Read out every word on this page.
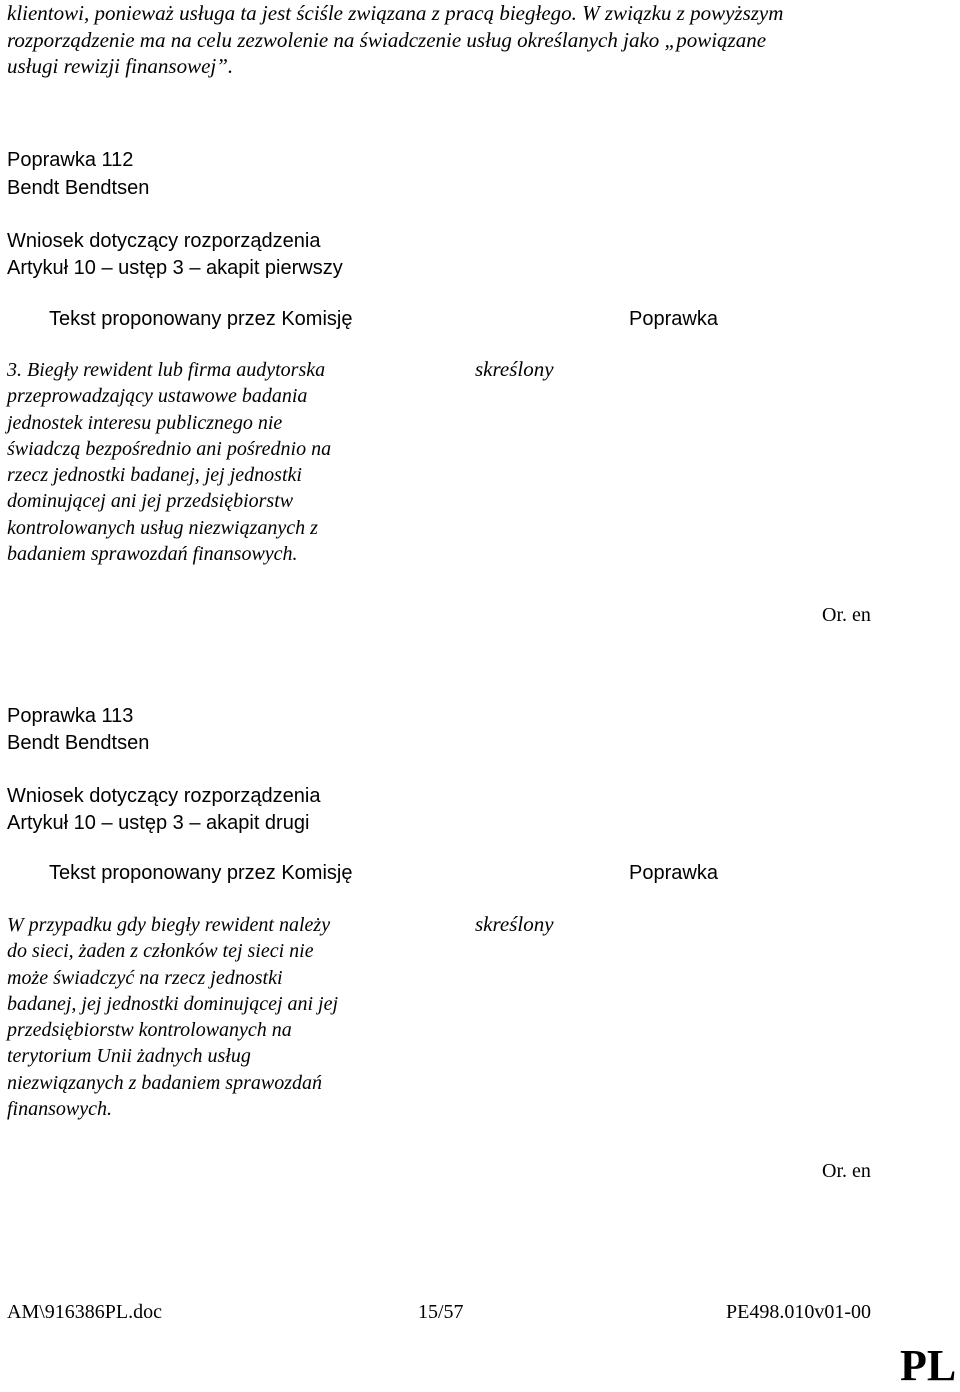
klientowi, ponieważ usługa ta jest ściśle związana z pracą biegłego. W związku z powyższym
rozporządzenie ma na celu zezwolenie na świadczenie usług określanych jako „powiązane
usługi rewizji finansowej”.
Poprawka 112
Bendt Bendtsen
Wniosek dotyczący rozporządzenia
Artykuł 10 – ustęp 3 – akapit pierwszy
Tekst proponowany przez Komisję	Poprawka
3. Biegły rewident lub firma audytorska
przeprowadzający ustawowe badania
jednostek interesu publicznego nie
świadczą bezpośrednio ani pośrednio na
rzecz jednostki badanej, jej jednostki
dominującej ani jej przedsiębiorstw
kontrolowanych usług niezwiązanych z
badaniem sprawozdań finansowych.
skreślony
Or. en
Poprawka 113
Bendt Bendtsen
Wniosek dotyczący rozporządzenia
Artykuł 10 – ustęp 3 – akapit drugi
Tekst proponowany przez Komisję	Poprawka
W przypadku gdy biegły rewident należy
do sieci, żaden z członków tej sieci nie
może świadczyć na rzecz jednostki
badanej, jej jednostki dominującej ani jej
przedsiębiorstw kontrolowanych na
terytorium Unii żadnych usług
niezwiązanych z badaniem sprawozdań
finansowych.
skreślony
Or. en
AM\916386PL.doc	15/57	PE498.010v01-00
PL
